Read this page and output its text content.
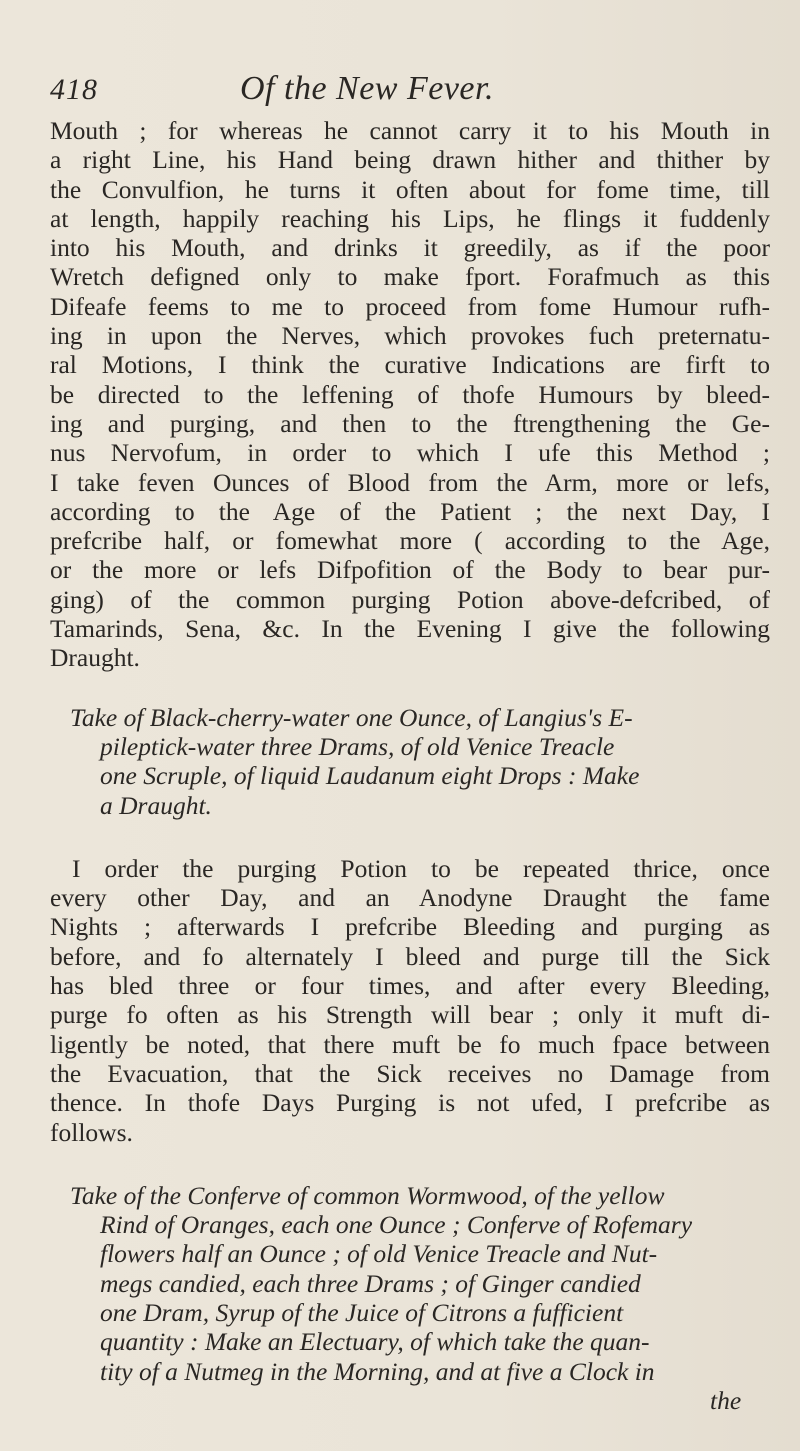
418	Of the New Fever.
Mouth ; for whereas he cannot carry it to his Mouth in
a right Line, his Hand being drawn hither and thither by
the Convulfion, he turns it often about for fome time, till
at length, happily reaching his Lips, he flings it fuddenly
into his Mouth, and drinks it greedily, as if the poor
Wretch defigned only to make fport. Forafmuch as this
Difeafe feems to me to proceed from fome Humour rufh-
ing in upon the Nerves, which provokes fuch preternatu-
ral Motions, I think the curative Indications are firft to
be directed to the leffening of thofe Humours by bleed-
ing and purging, and then to the ftrengthening the Ge-
nus Nervofum, in order to which I ufe this Method ;
I take feven Ounces of Blood from the Arm, more or lefs,
according to the Age of the Patient ; the next Day, I
prefcribe half, or fomewhat more ( according to the Age,
or the more or lefs Difpofition of the Body to bear pur-
ging) of the common purging Potion above-defcribed, of
Tamarinds, Sena, &c. In the Evening I give the following
Draught.
Take of Black-cherry-water one Ounce, of Langius's E-
pileptick-water three Drams, of old Venice Treacle
one Scruple, of liquid Laudanum eight Drops : Make
a Draught.
I order the purging Potion to be repeated thrice, once
every other Day, and an Anodyne Draught the fame
Nights ; afterwards I prefcribe Bleeding and purging as
before, and fo alternately I bleed and purge till the Sick
has bled three or four times, and after every Bleeding,
purge fo often as his Strength will bear ; only it muft di-
ligently be noted, that there muft be fo much fpace between
the Evacuation, that the Sick receives no Damage from
thence. In thofe Days Purging is not ufed, I prefcribe as
follows.
Take of the Conferve of common Wormwood, of the yellow
Rind of Oranges, each one Ounce ; Conferve of Rofemary
flowers half an Ounce ; of old Venice Treacle and Nut-
megs candied, each three Drams ; of Ginger candied
one Dram, Syrup of the Juice of Citrons a fufficient
quantity : Make an Electuary, of which take the quan-
tity of a Nutmeg in the Morning, and at five a Clock in
the
